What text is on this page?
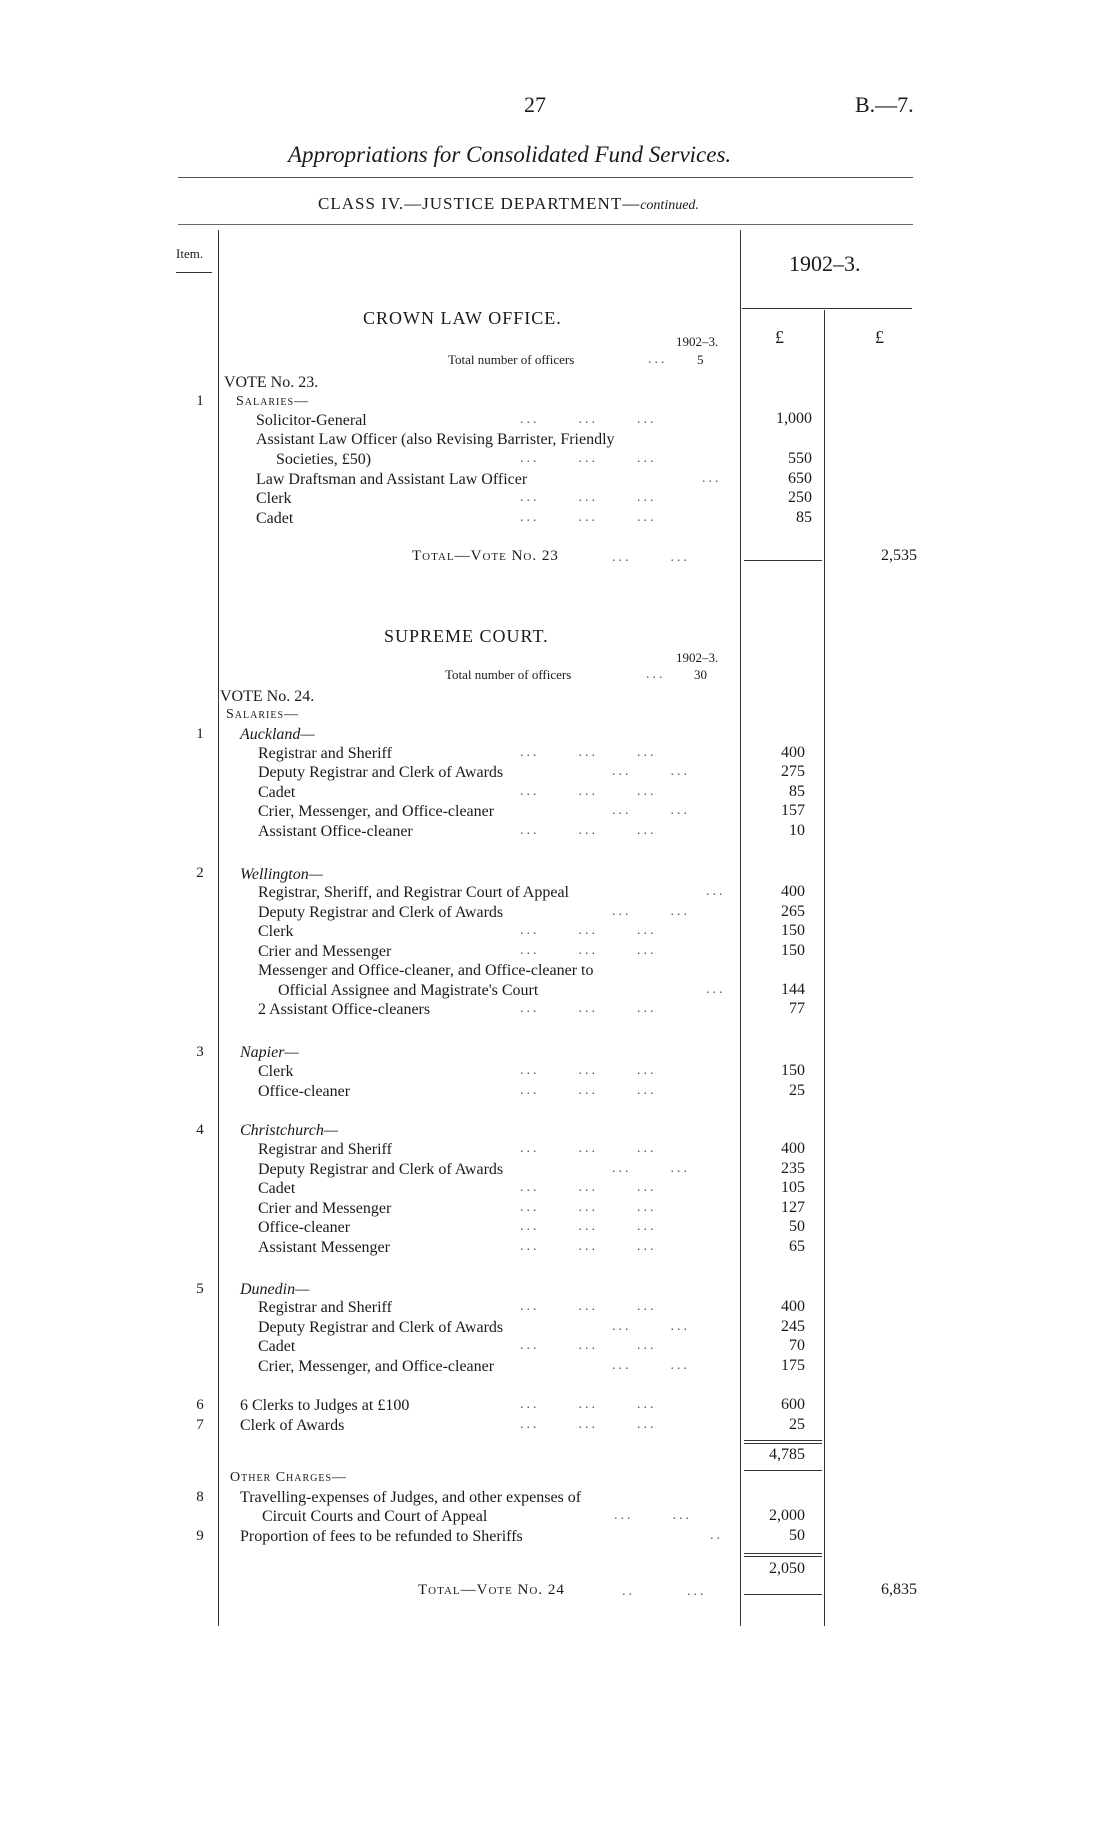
27	B.—7.
Appropriations for Consolidated Fund Services.
CLASS IV.—JUSTICE DEPARTMENT—continued.
Item.	1902–3.
£	£
CROWN LAW OFFICE.
1902–3.
Total number of officers	... 5
VOTE No. 23.
1	Salaries—
Solicitor-General	...      ...      ...	1,000
Assistant Law Officer (also Revising Barrister, Friendly
Societies, £50)	...      ...      ...	550
Law Draftsman and Assistant Law Officer	...	650
Clerk	...      ...      ...	250
Cadet	...      ...      ...	85
Total—Vote No. 23	...      ...	2,535
SUPREME COURT.
1902–3.
Total number of officers	... 30
VOTE No. 24.
Salaries—
1	Auckland—
Registrar and Sheriff	...      ...      ...	400
Deputy Registrar and Clerk of Awards	...      ...	275
Cadet	...      ...      ...	85
Crier, Messenger, and Office-cleaner	...      ...	157
Assistant Office-cleaner	...      ...      ...	10
2	Wellington—
Registrar, Sheriff, and Registrar Court of Appeal	...	400
Deputy Registrar and Clerk of Awards	...      ...	265
Clerk	...      ...      ...	150
Crier and Messenger	...      ...      ...	150
Messenger and Office-cleaner, and Office-cleaner to
Official Assignee and Magistrate's Court	...	144
2 Assistant Office-cleaners	...      ...      ...	77
3	Napier—
Clerk	...      ...      ...	150
Office-cleaner	...      ...      ...	25
4	Christchurch—
Registrar and Sheriff	...      ...      ...	400
Deputy Registrar and Clerk of Awards	...      ...	235
Cadet	...      ...      ...	105
Crier and Messenger	...      ...      ...	127
Office-cleaner	...      ...      ...	50
Assistant Messenger	...      ...      ...	65
5	Dunedin—
Registrar and Sheriff	...      ...      ...	400
Deputy Registrar and Clerk of Awards	...      ...	245
Cadet	...      ...      ...	70
Crier, Messenger, and Office-cleaner	...      ...	175
6	6 Clerks to Judges at £100	...      ...      ...	600
7	Clerk of Awards	...      ...      ...	25
4,785
Other Charges—
8	Travelling-expenses of Judges, and other expenses of
Circuit Courts and Court of Appeal	...      ...	2,000
9	Proportion of fees to be refunded to Sheriffs	..	50
2,050
Total—Vote No. 24	..        ...	6,835
